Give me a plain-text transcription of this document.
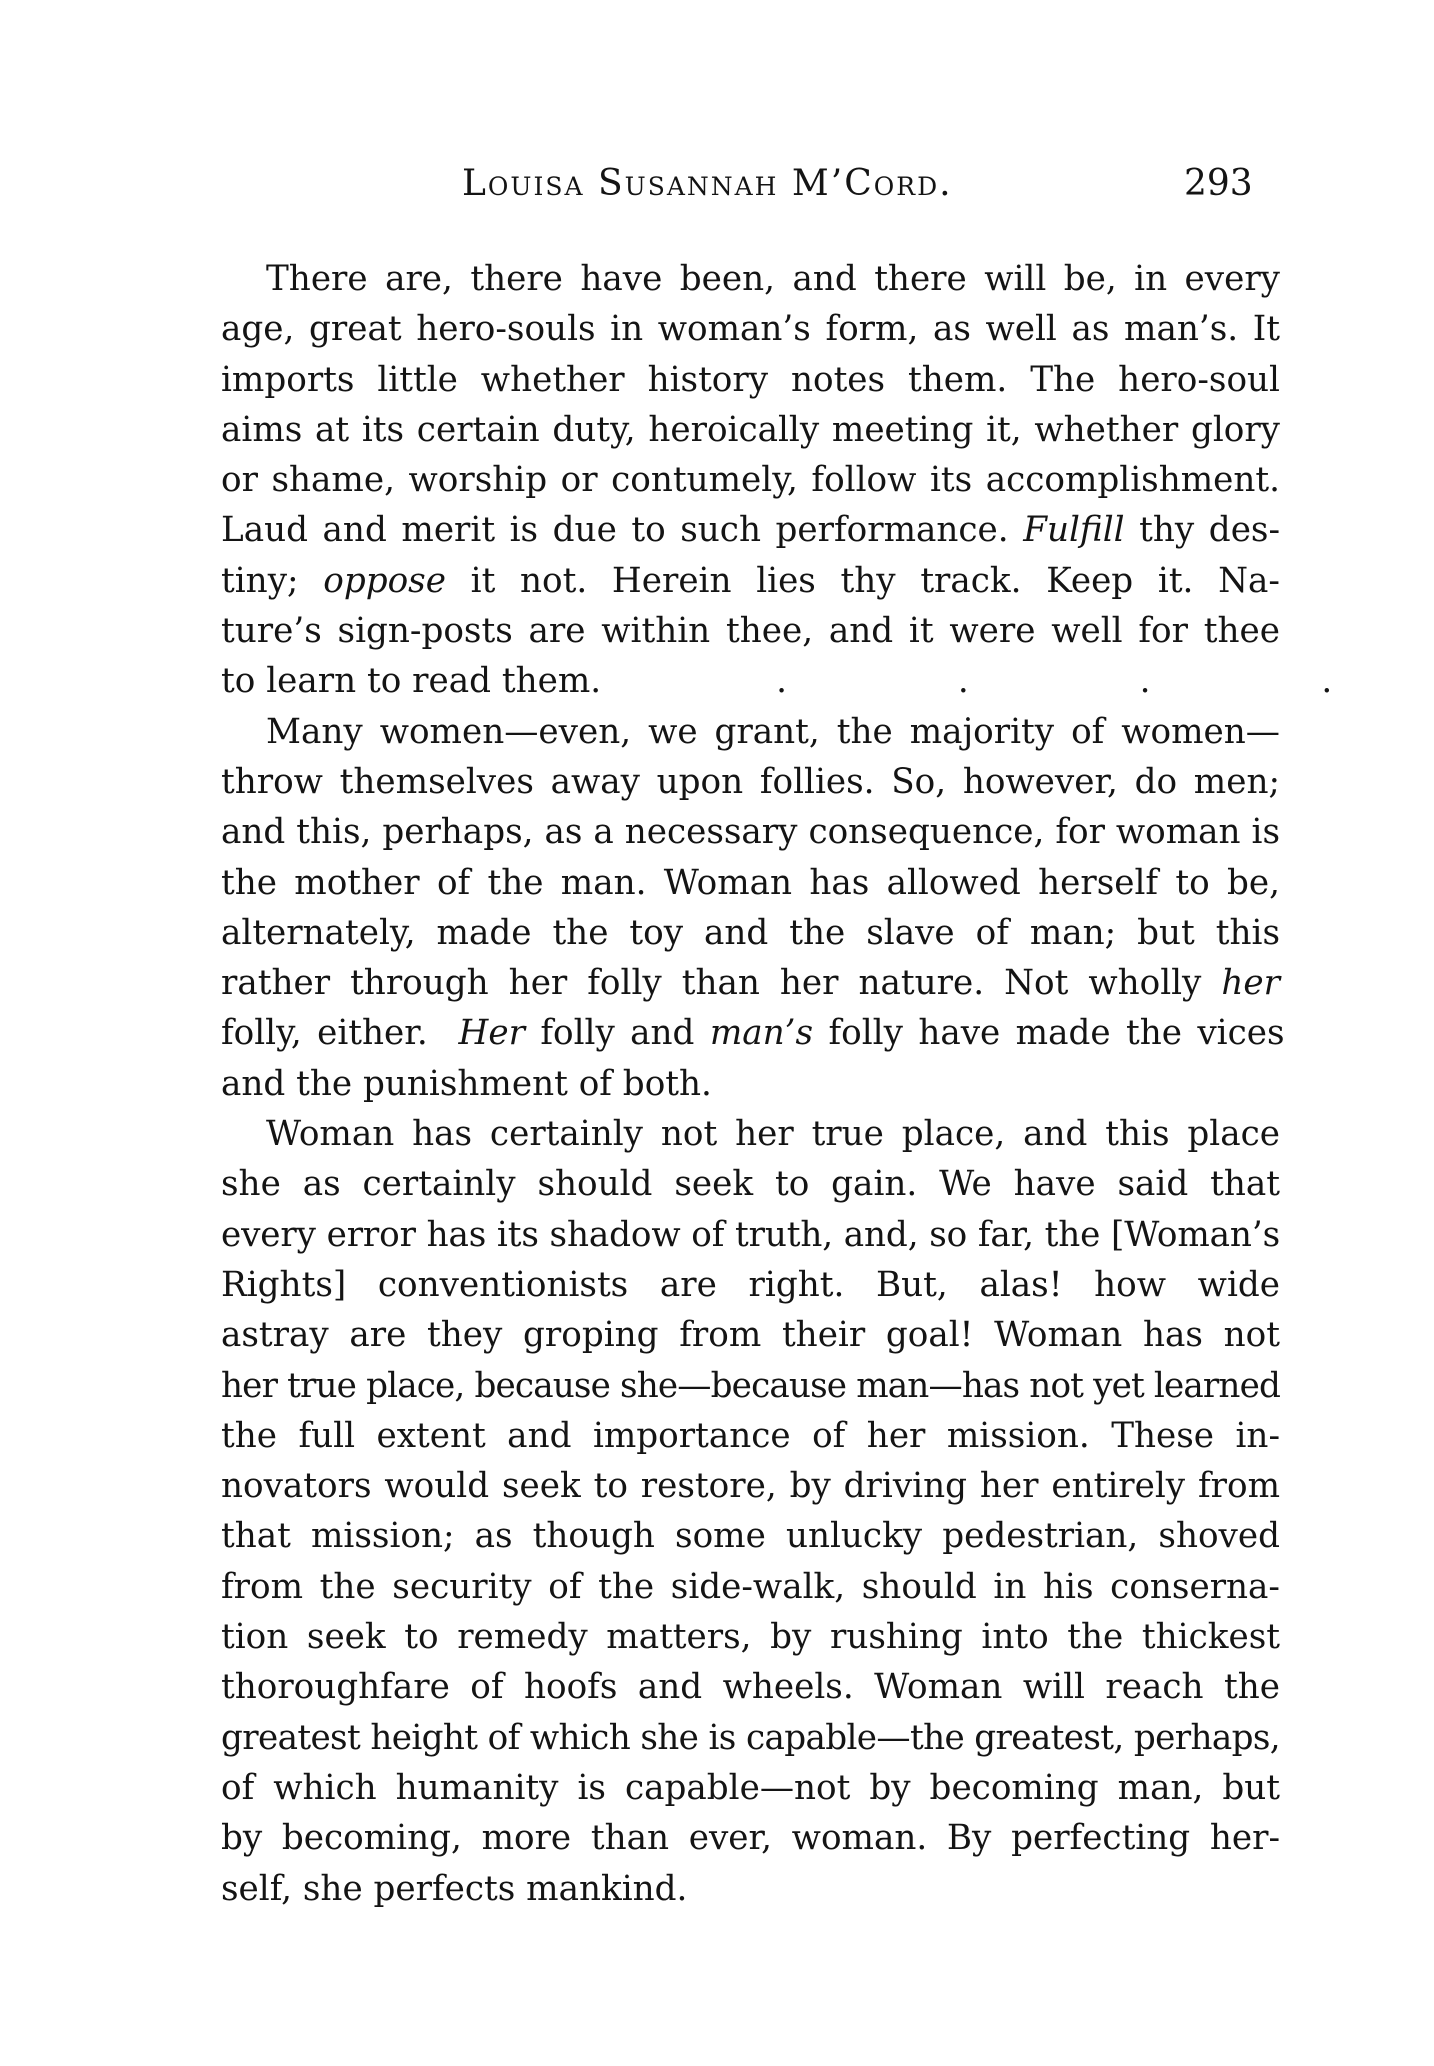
Louisa Susannah M’Cord.	293
There are, there have been, and there will be, in every
age, great hero-souls in woman’s form, as well as man’s. It
imports little whether history notes them. The hero-soul
aims at its certain duty, heroically meeting it, whether glory
or shame, worship or contumely, follow its accomplishment.
Laud and merit is due to such performance. Fulfill thy des-
tiny; oppose it not. Herein lies thy track. Keep it. Na-
ture’s sign-posts are within thee, and it were well for thee
to learn to read them.	. . . .
Many women—even, we grant, the majority of women—
throw themselves away upon follies. So, however, do men;
and this, perhaps, as a necessary consequence, for woman is
the mother of the man. Woman has allowed herself to be,
alternately, made the toy and the slave of man; but this
rather through her folly than her nature. Not wholly her
folly, either. Her folly and man’s folly have made the vices
and the punishment of both.
Woman has certainly not her true place, and this place
she as certainly should seek to gain. We have said that
every error has its shadow of truth, and, so far, the [Woman’s
Rights] conventionists are right. But, alas! how wide
astray are they groping from their goal! Woman has not
her true place, because she—because man—has not yet learned
the full extent and importance of her mission. These in-
novators would seek to restore, by driving her entirely from
that mission; as though some unlucky pedestrian, shoved
from the security of the side-walk, should in his conserna-
tion seek to remedy matters, by rushing into the thickest
thoroughfare of hoofs and wheels. Woman will reach the
greatest height of which she is capable—the greatest, perhaps,
of which humanity is capable—not by becoming man, but
by becoming, more than ever, woman. By perfecting her-
self, she perfects mankind.
